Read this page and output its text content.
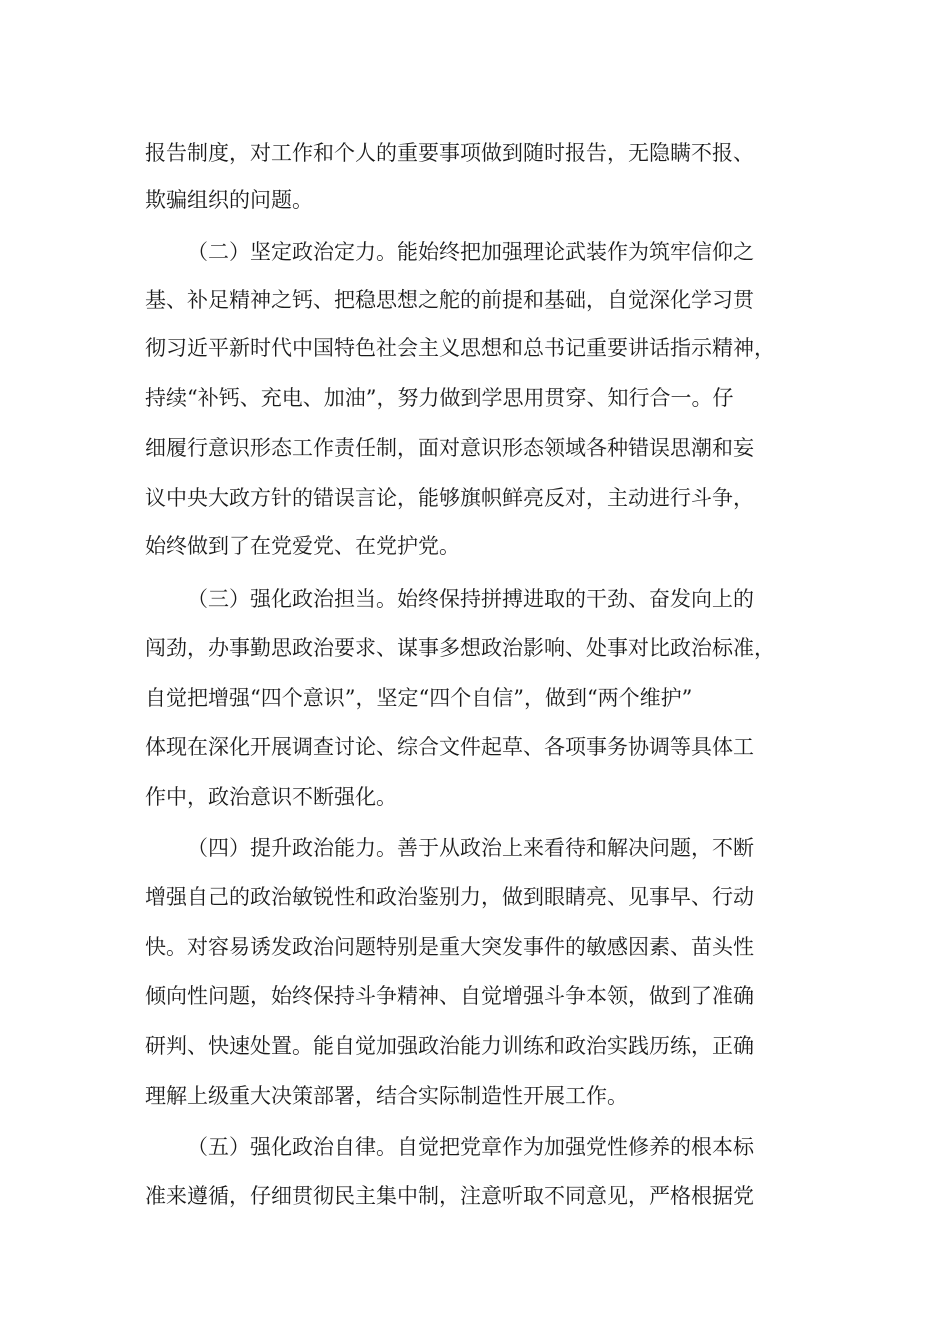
报告制度，对工作和个人的重要事项做到随时报告，无隐瞒不报、
欺骗组织的问题。
（二）坚定政治定力。能始终把加强理论武装作为筑牢信仰之
基、补足精神之钙、把稳思想之舵的前提和基础，自觉深化学习贯
彻习近平新时代中国特色社会主义思想和总书记重要讲话指示精神，
持续“补钙、充电、加油”，努力做到学思用贯穿、知行合一。仔
细履行意识形态工作责任制，面对意识形态领域各种错误思潮和妄
议中央大政方针的错误言论，能够旗帜鲜亮反对，主动进行斗争，
始终做到了在党爱党、在党护党。
（三）强化政治担当。始终保持拼搏进取的干劲、奋发向上的
闯劲，办事勤思政治要求、谋事多想政治影响、处事对比政治标准，
自觉把增强“四个意识”，坚定“四个自信”，做到“两个维护”
体现在深化开展调查讨论、综合文件起草、各项事务协调等具体工
作中，政治意识不断强化。
（四）提升政治能力。善于从政治上来看待和解决问题，不断
增强自己的政治敏锐性和政治鉴别力，做到眼睛亮、见事早、行动
快。对容易诱发政治问题特别是重大突发事件的敏感因素、苗头性
倾向性问题，始终保持斗争精神、自觉增强斗争本领，做到了准确
研判、快速处置。能自觉加强政治能力训练和政治实践历练，正确
理解上级重大决策部署，结合实际制造性开展工作。
（五）强化政治自律。自觉把党章作为加强党性修养的根本标
准来遵循，仔细贯彻民主集中制，注意听取不同意见，严格根据党
